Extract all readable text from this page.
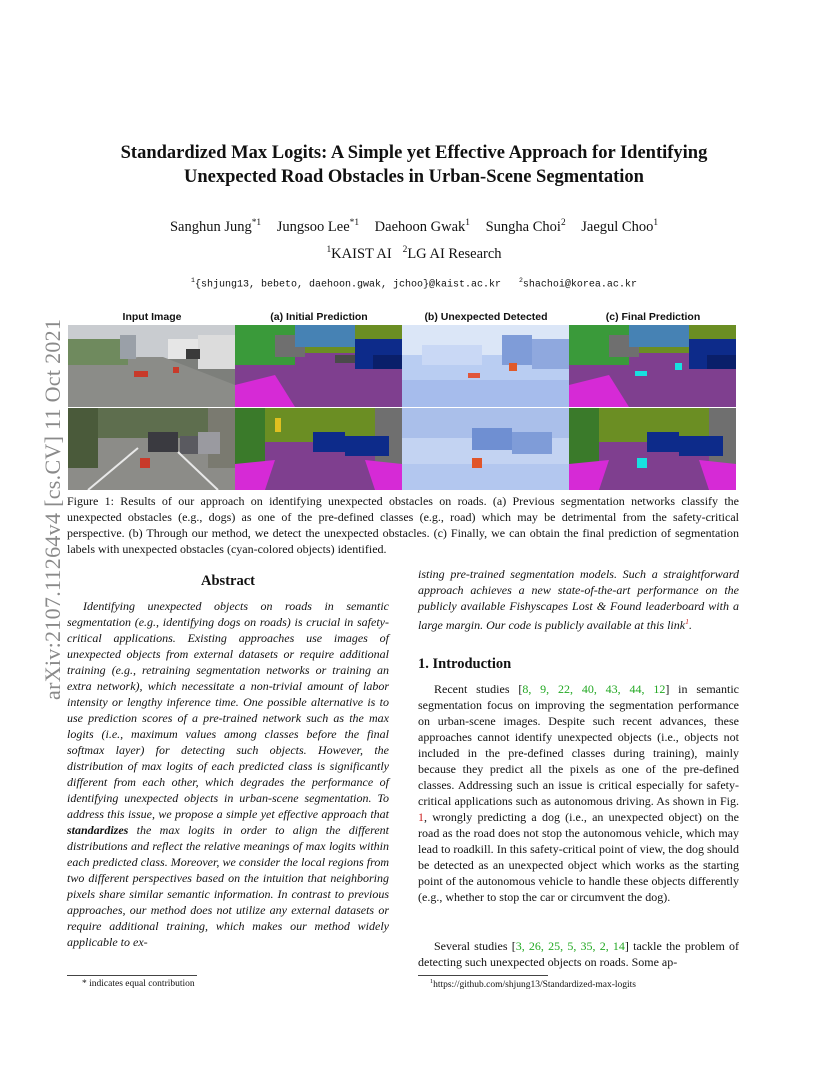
arXiv:2107.11264v4 [cs.CV] 11 Oct 2021
Standardized Max Logits: A Simple yet Effective Approach for Identifying
Unexpected Road Obstacles in Urban-Scene Segmentation
Sanghun Jung$^{*1}$ Jungsoo Lee$^{*1}$ Daehoon Gwak$^1$ Sungha Choi$^2$ Jaegul Choo$^1$
$^1$KAIST AI $^2$LG AI Research
$^1${shjung13, bebeto, daehoon.gwak, jchoo}@kaist.ac.kr	$^2$shachoi@korea.ac.kr
Input Image	(a) Initial Prediction	(b) Unexpected Detected	(c) Final Prediction
Figure 1: Results of our approach on identifying unexpected obstacles on roads. (a) Previous segmentation networks classify the unexpected obstacles (e.g., dogs) as one of the pre-defined classes (e.g., road) which may be detrimental from the safety-critical perspective. (b) Through our method, we detect the unexpected obstacles. (c) Finally, we can obtain the final prediction of segmentation labels with unexpected obstacles (cyan-colored objects) identified.
Abstract
Identifying unexpected objects on roads in semantic segmentation (e.g., identifying dogs on roads) is crucial in safety-critical applications. Existing approaches use images of unexpected objects from external datasets or require additional training (e.g., retraining segmentation networks or training an extra network), which necessitate a non-trivial amount of labor intensity or lengthy inference time. One possible alternative is to use prediction scores of a pre-trained network such as the max logits (i.e., maximum values among classes before the final softmax layer) for detecting such objects. However, the distribution of max logits of each predicted class is significantly different from each other, which degrades the performance of identifying unexpected objects in urban-scene segmentation. To address this issue, we propose a simple yet effective approach that standardizes the max logits in order to align the different distributions and reflect the relative meanings of max logits within each predicted class. Moreover, we consider the local regions from two different perspectives based on the intuition that neighboring pixels share similar semantic information. In contrast to previous approaches, our method does not utilize any external datasets or require additional training, which makes our method widely applicable to ex-
isting pre-trained segmentation models. Such a straightforward approach achieves a new state-of-the-art performance on the publicly available Fishyscapes Lost & Found leaderboard with a large margin. Our code is publicly available at this link$^1$.
1. Introduction
Recent studies [8, 9, 22, 40, 43, 44, 12] in semantic segmentation focus on improving the segmentation performance on urban-scene images. Despite such recent advances, these approaches cannot identify unexpected objects (i.e., objects not included in the pre-defined classes during training), mainly because they predict all the pixels as one of the pre-defined classes. Addressing such an issue is critical especially for safety-critical applications such as autonomous driving. As shown in Fig. 1, wrongly predicting a dog (i.e., an unexpected object) on the road as the road does not stop the autonomous vehicle, which may lead to roadkill. In this safety-critical point of view, the dog should be detected as an unexpected object which works as the starting point of the autonomous vehicle to handle these objects differently (e.g., whether to stop the car or circumvent the dog).
Several studies [3, 26, 25, 5, 35, 2, 14] tackle the problem of detecting such unexpected objects on roads. Some ap-
* indicates equal contribution	$^1$https://github.com/shjung13/Standardized-max-logits
